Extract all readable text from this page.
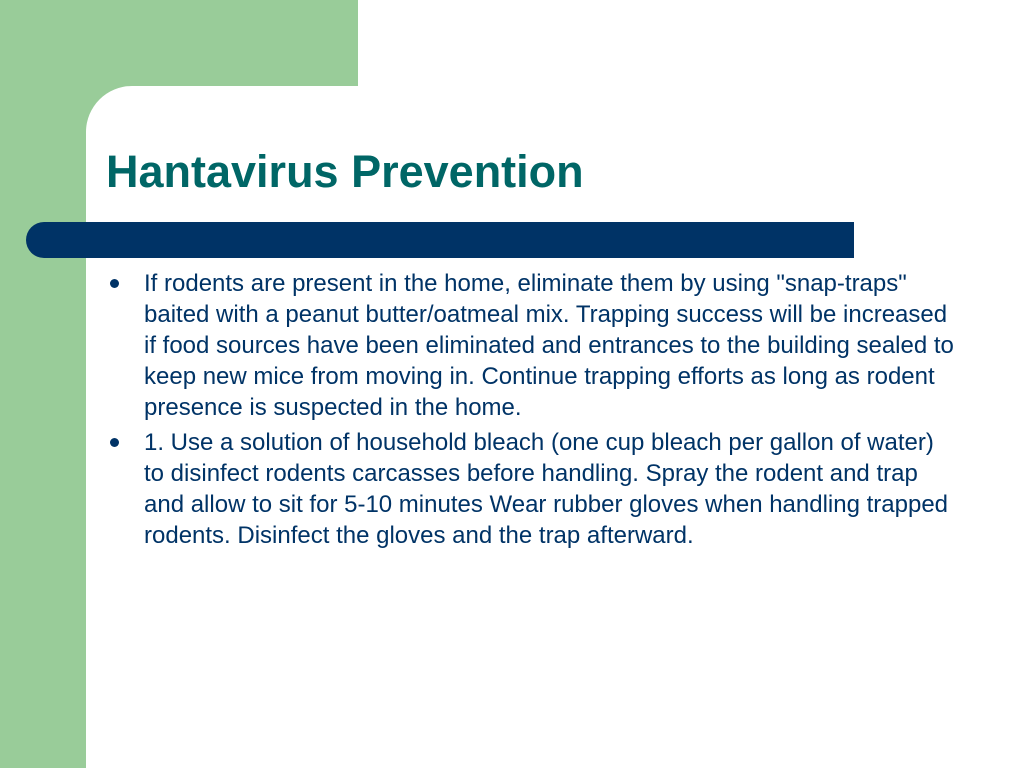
Hantavirus Prevention
If rodents are present in the home, eliminate them by using "snap-traps" baited with a peanut butter/oatmeal mix. Trapping success will be increased if food sources have been eliminated and entrances to the building sealed to keep new mice from moving in. Continue trapping efforts as long as rodent presence is suspected in the home.
1. Use a solution of household bleach (one cup bleach per gallon of water) to disinfect rodents carcasses before handling. Spray the rodent and trap and allow to sit for 5-10 minutes Wear rubber gloves when handling trapped rodents. Disinfect the gloves and the trap afterward.
